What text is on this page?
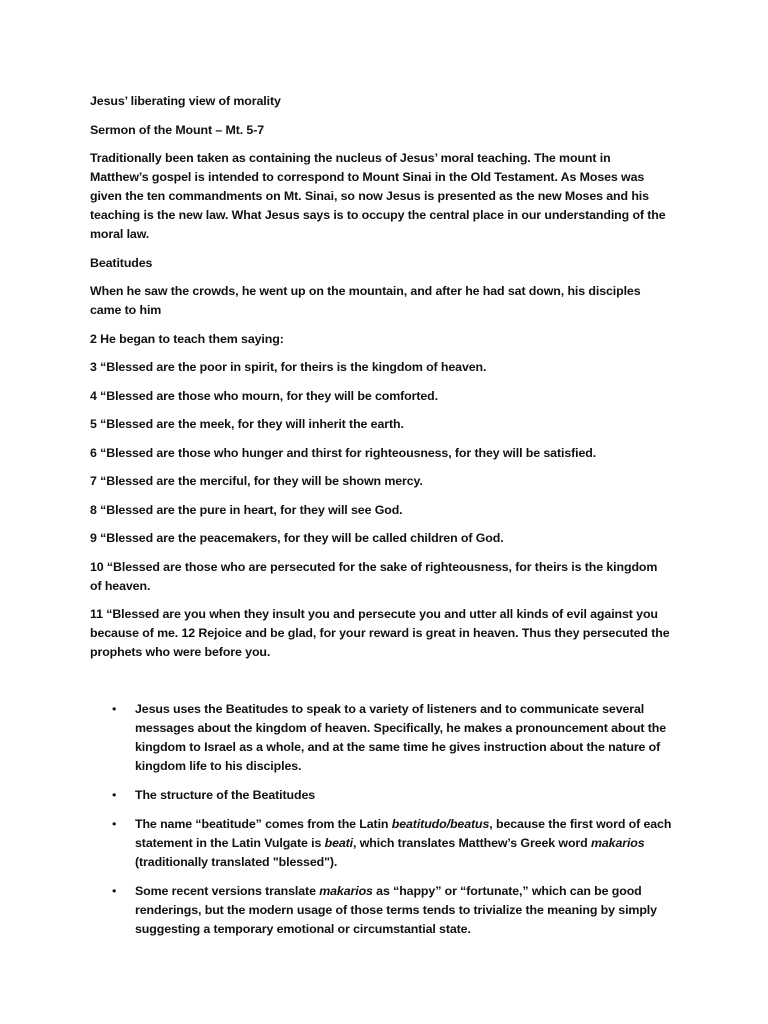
Jesus’ liberating view of morality

Sermon of the Mount – Mt. 5-7

Traditionally been taken as containing the nucleus of Jesus’ moral teaching. The mount in Matthew’s gospel is intended to correspond to Mount Sinai in the Old Testament. As Moses was given the ten commandments on Mt. Sinai, so now Jesus is presented as the new Moses and his teaching is the new law. What Jesus says is to occupy the central place in our understanding of the moral law.

Beatitudes

When he saw the crowds, he went up on the mountain, and after he had sat down, his disciples came to him

2 He began to teach them saying:

3 “Blessed are the poor in spirit, for theirs is the kingdom of heaven.

4 “Blessed are those who mourn, for they will be comforted.

5 “Blessed are the meek, for they will inherit the earth.

6 “Blessed are those who hunger and thirst for righteousness, for they will be satisfied.

7 “Blessed are the merciful, for they will be shown mercy.

8 “Blessed are the pure in heart, for they will see God.

9 “Blessed are the peacemakers, for they will be called children of God.

10 “Blessed are those who are persecuted for the sake of righteousness, for theirs is the kingdom of heaven.

11 “Blessed are you when they insult you and persecute you and utter all kinds of evil against you because of me. 12 Rejoice and be glad, for your reward is great in heaven. Thus they persecuted the prophets who were before you.

• Jesus uses the Beatitudes to speak to a variety of listeners and to communicate several messages about the kingdom of heaven. Specifically, he makes a pronouncement about the kingdom to Israel as a whole, and at the same time he gives instruction about the nature of kingdom life to his disciples.
• The structure of the Beatitudes
• The name “beatitude” comes from the Latin beatitudo/beatus, because the first word of each statement in the Latin Vulgate is beati, which translates Matthew’s Greek word makarios (traditionally translated "blessed").
• Some recent versions translate makarios as “happy” or “fortunate,” which can be good renderings, but the modern usage of those terms tends to trivialize the meaning by simply suggesting a temporary emotional or circumstantial state.
